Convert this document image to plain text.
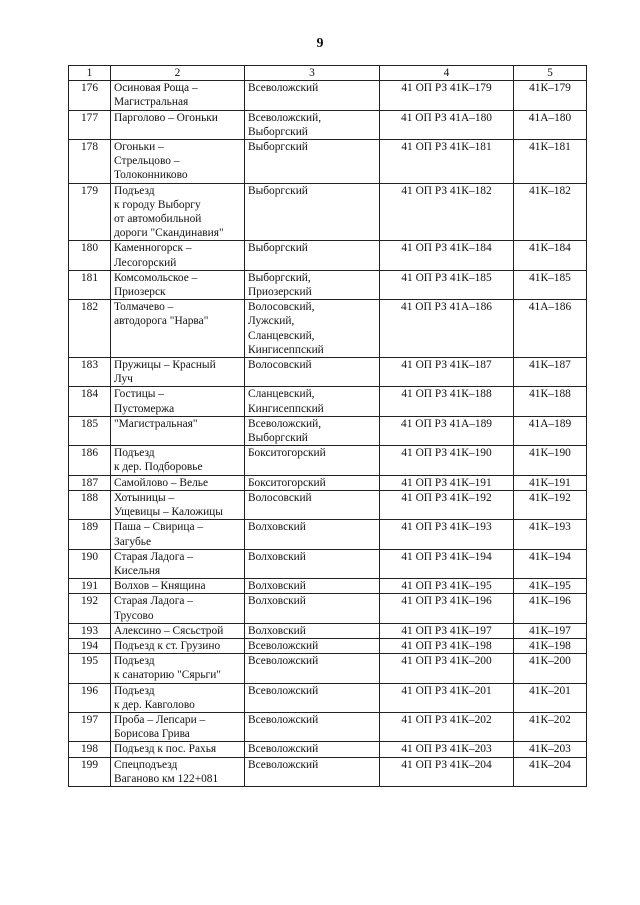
9
1	2	3	4	5
176	Осиновая Роща –
Магистральная	Всеволожский	41 ОП РЗ 41К–179	41К–179
177	Парголово – Огоньки	Всеволожский,
Выборгский	41 ОП РЗ 41А–180	41А–180
178	Огоньки –
Стрельцово –
Толоконниково	Выборгский	41 ОП РЗ 41К–181	41К–181
179	Подъезд
к городу Выборгу
от автомобильной
дороги "Скандинавия"	Выборгский	41 ОП РЗ 41К–182	41К–182
180	Каменногорск –
Лесогорский	Выборгский	41 ОП РЗ 41К–184	41К–184
181	Комсомольское –
Приозерск	Выборгский,
Приозерский	41 ОП РЗ 41К–185	41К–185
182	Толмачево –
автодорога "Нарва"	Волосовский,
Лужский,
Сланцевский,
Кингисеппский	41 ОП РЗ 41А–186	41А–186
183	Пружицы – Красный
Луч	Волосовский	41 ОП РЗ 41К–187	41К–187
184	Гостицы –
Пустомержа	Сланцевский,
Кингисеппский	41 ОП РЗ 41К–188	41К–188
185	"Магистральная"	Всеволожский,
Выборгский	41 ОП РЗ 41А–189	41А–189
186	Подъезд
к дер. Подборовье	Бокситогорский	41 ОП РЗ 41К–190	41К–190
187	Самойлово – Велье	Бокситогорский	41 ОП РЗ 41К–191	41К–191
188	Хотыницы –
Ущевицы – Каложицы	Волосовский	41 ОП РЗ 41К–192	41К–192
189	Паша – Свирица –
Загубье	Волховский	41 ОП РЗ 41К–193	41К–193
190	Старая Ладога –
Кисельня	Волховский	41 ОП РЗ 41К–194	41К–194
191	Волхов – Княщина	Волховский	41 ОП РЗ 41К–195	41К–195
192	Старая Ладога –
Трусово	Волховский	41 ОП РЗ 41К–196	41К–196
193	Алексино – Сясьстрой	Волховский	41 ОП РЗ 41К–197	41К–197
194	Подъезд к ст. Грузино	Всеволожский	41 ОП РЗ 41К–198	41К–198
195	Подъезд
к санаторию "Сярьги"	Всеволожский	41 ОП РЗ 41К–200	41К–200
196	Подъезд
к дер. Кавголово	Всеволожский	41 ОП РЗ 41К–201	41К–201
197	Проба – Лепсари –
Борисова Грива	Всеволожский	41 ОП РЗ 41К–202	41К–202
198	Подъезд к пос. Рахья	Всеволожский	41 ОП РЗ 41К–203	41К–203
199	Спецподъезд
Ваганово км 122+081	Всеволожский	41 ОП РЗ 41К–204	41К–204
